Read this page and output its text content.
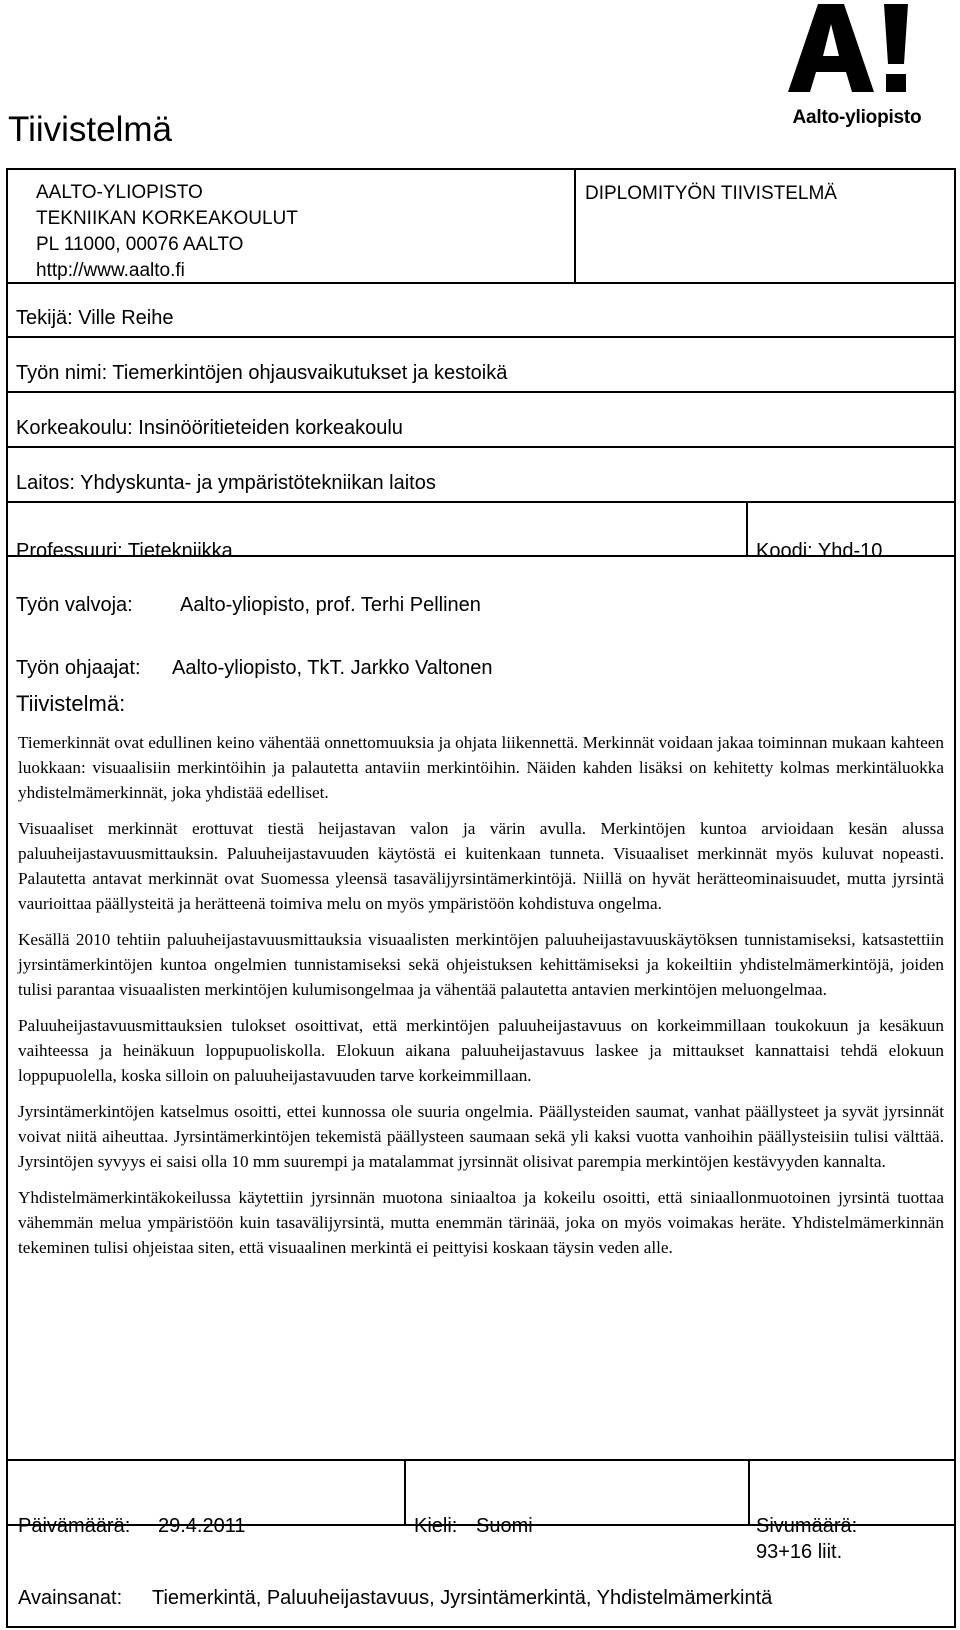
Tiivistelmä	Aalto-yliopisto
AALTO-YLIOPISTO
TEKNIIKAN KORKEAKOULUT
PL 11000, 00076 AALTO
http://www.aalto.fi
DIPLOMITYÖN TIIVISTELMÄ
Tekijä: Ville Reihe
Työn nimi: Tiemerkintöjen ohjausvaikutukset ja kestoikä
Korkeakoulu: Insinööritieteiden korkeakoulu
Laitos: Yhdyskunta- ja ympäristötekniikan laitos
Professuuri: Tietekniikka	Koodi: Yhd-10
Työn valvoja: Aalto-yliopisto, prof. Terhi Pellinen
Työn ohjaajat: Aalto-yliopisto, TkT. Jarkko Valtonen
Tiivistelmä:

Tiemerkinnät ovat edullinen keino vähentää onnettomuuksia ja ohjata liikennettä. Merkinnät voidaan jakaa toiminnan mukaan kahteen luokkaan: visuaalisiin merkintöihin ja palautetta antaviin merkintöihin. Näiden kahden lisäksi on kehitetty kolmas merkintäluokka yhdistelmämerkinnät, joka yhdistää edelliset.

Visuaaliset merkinnät erottuvat tiestä heijastavan valon ja värin avulla. Merkintöjen kuntoa arvioidaan kesän alussa paluuheijastavuusmittauksin. Paluuheijastavuuden käytöstä ei kuitenkaan tunneta. Visuaaliset merkinnät myös kuluvat nopeasti. Palautetta antavat merkinnät ovat Suomessa yleensä tasavälijyrsintämerkintöjä. Niillä on hyvät herätteominaisuudet, mutta jyrsintä vaurioittaa päällysteitä ja herätteenä toimiva melu on myös ympäristöön kohdistuva ongelma.

Kesällä 2010 tehtiin paluuheijastavuusmittauksia visuaalisten merkintöjen paluuheijastavuuskäytöksen tunnistamiseksi, katsastettiin jyrsintämerkintöjen kuntoa ongelmien tunnistamiseksi sekä ohjeistuksen kehittämiseksi ja kokeiltiin yhdistelmämerkintöjä, joiden tulisi parantaa visuaalisten merkintöjen kulumisongelmaa ja vähentää palautetta antavien merkintöjen meluongelmaa.

Paluuheijastavuusmittauksien tulokset osoittivat, että merkintöjen paluuheijastavuus on korkeimmillaan toukokuun ja kesäkuun vaihteessa ja heinäkuun loppupuoliskolla. Elokuun aikana paluuheijastavuus laskee ja mittaukset kannattaisi tehdä elokuun loppupuolella, koska silloin on paluuheijastavuuden tarve korkeimmillaan.

Jyrsintämerkintöjen katselmus osoitti, ettei kunnossa ole suuria ongelmia. Päällysteiden saumat, vanhat päällysteet ja syvät jyrsinnät voivat niitä aiheuttaa. Jyrsintämerkintöjen tekemistä päällysteen saumaan sekä yli kaksi vuotta vanhoihin päällysteisiin tulisi välttää. Jyrsintöjen syvyys ei saisi olla 10 mm suurempi ja matalammat jyrsinnät olisivat parempia merkintöjen kestävyyden kannalta.

Yhdistelmämerkintäkokeilussa käytettiin jyrsinnän muotona siniaaltoa ja kokeilu osoitti, että siniaallonmuotoinen jyrsintä tuottaa vähemmän melua ympäristöön kuin tasavälijyrsintä, mutta enemmän tärinää, joka on myös voimakas heräte. Yhdistelmämerkinnän tekeminen tulisi ohjeistaa siten, että visuaalinen merkintä ei peittyisi koskaan täysin veden alle.

Päivämäärä: 29.4.2011	Kieli: Suomi	Sivumäärä:
93+16 liit.
Avainsanat: Tiemerkintä, Paluuheijastavuus, Jyrsintämerkintä, Yhdistelmämerkintä
